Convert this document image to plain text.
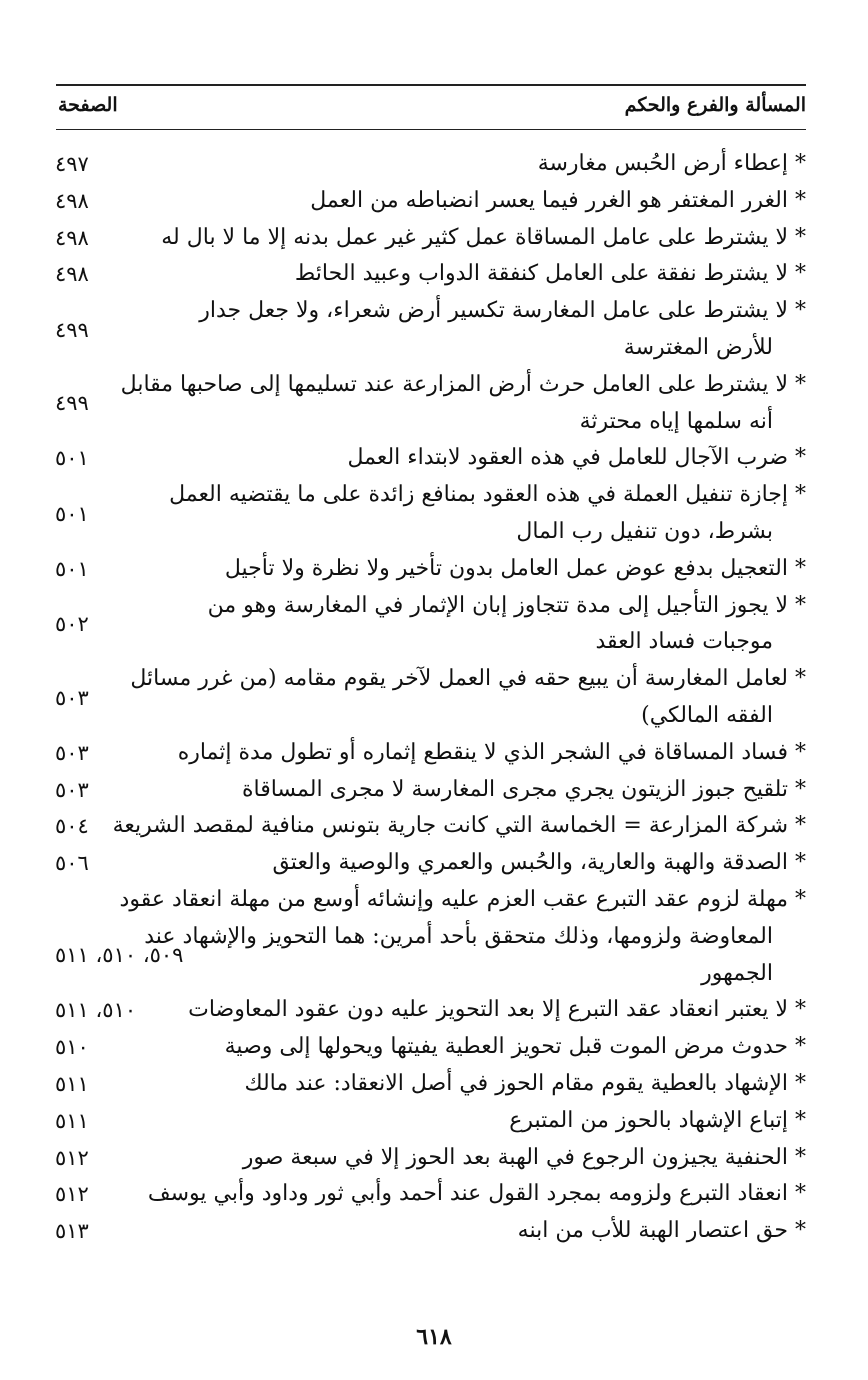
الصفحة	المسألة والفرع والحكم
* إعطاء أرض الحُبس مغارسة
٤٩٧
* الغرر المغتفر هو الغرر فيما يعسر انضباطه من العمل
٤٩٨
* لا يشترط على عامل المساقاة عمل كثير غير عمل بدنه إلا ما لا بال له
٤٩٨
* لا يشترط نفقة على العامل كنفقة الدواب وعبيد الحائط
٤٩٨
* لا يشترط على عامل المغارسة تكسير أرض شعراء، ولا جعل جدار
للأرض المغترسة
٤٩٩
* لا يشترط على العامل حرث أرض المزارعة عند تسليمها إلى صاحبها مقابل
أنه سلمها إياه محترثة
٤٩٩
* ضرب الآجال للعامل في هذه العقود لابتداء العمل
٥٠١
* إجازة تنفيل العملة في هذه العقود بمنافع زائدة على ما يقتضيه العمل
بشرط، دون تنفيل رب المال
٥٠١
* التعجيل بدفع عوض عمل العامل بدون تأخير ولا نظرة ولا تأجيل
٥٠١
* لا يجوز التأجيل إلى مدة تتجاوز إبان الإثمار في المغارسة وهو من
موجبات فساد العقد
٥٠٢
* لعامل المغارسة أن يبيع حقه في العمل لآخر يقوم مقامه (من غرر مسائل
الفقه المالكي)
٥٠٣
* فساد المساقاة في الشجر الذي لا ينقطع إثماره أو تطول مدة إثماره
٥٠٣
* تلقيح جبوز الزيتون يجري مجرى المغارسة لا مجرى المساقاة
٥٠٣
* شركة المزارعة = الخماسة التي كانت جارية بتونس منافية لمقصد الشريعة
٥٠٤
* الصدقة والهبة والعارية، والحُبس والعمري والوصية والعتق
٥٠٦
* مهلة لزوم عقد التبرع عقب العزم عليه وإنشائه أوسع من مهلة انعقاد عقود
المعاوضة ولزومها، وذلك متحقق بأحد أمرين: هما التحويز والإشهاد عند
الجمهور
٥٠٩، ٥١٠، ٥١١
* لا يعتبر انعقاد عقد التبرع إلا بعد التحويز عليه دون عقود المعاوضات
٥١٠، ٥١١
* حدوث مرض الموت قبل تحويز العطية يفيتها ويحولها إلى وصية
٥١٠
* الإشهاد بالعطية يقوم مقام الحوز في أصل الانعقاد: عند مالك
٥١١
* إتباع الإشهاد بالحوز من المتبرع
٥١١
* الحنفية يجيزون الرجوع في الهبة بعد الحوز إلا في سبعة صور
٥١٢
* انعقاد التبرع ولزومه بمجرد القول عند أحمد وأبي ثور وداود وأبي يوسف
٥١٢
* حق اعتصار الهبة للأب من ابنه
٥١٣
٦١٨
